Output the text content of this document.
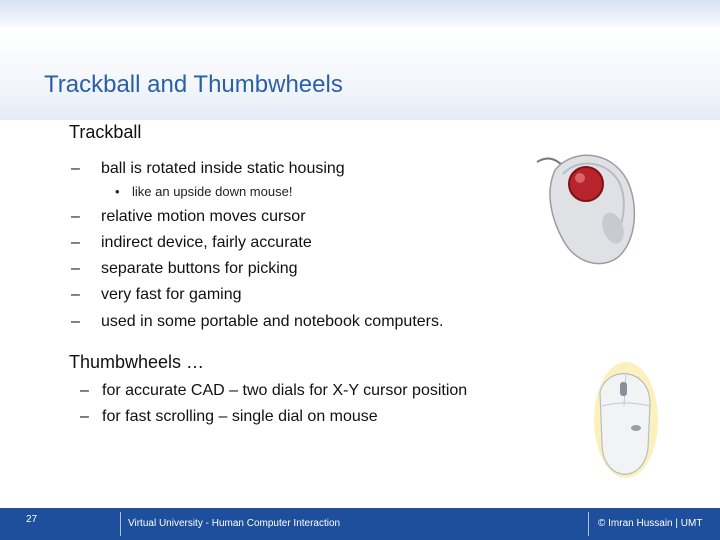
Trackball and Thumbwheels
Trackball
– ball is rotated inside static housing
• like an upside down mouse!
– relative motion moves cursor
– indirect device, fairly accurate
– separate buttons for picking
– very fast for gaming
– used in some portable and notebook computers.
Thumbwheels …
– for accurate CAD – two dials for X-Y cursor position
– for fast scrolling – single dial on mouse
27	Virtual University - Human Computer Interaction	© Imran Hussain | UMT
